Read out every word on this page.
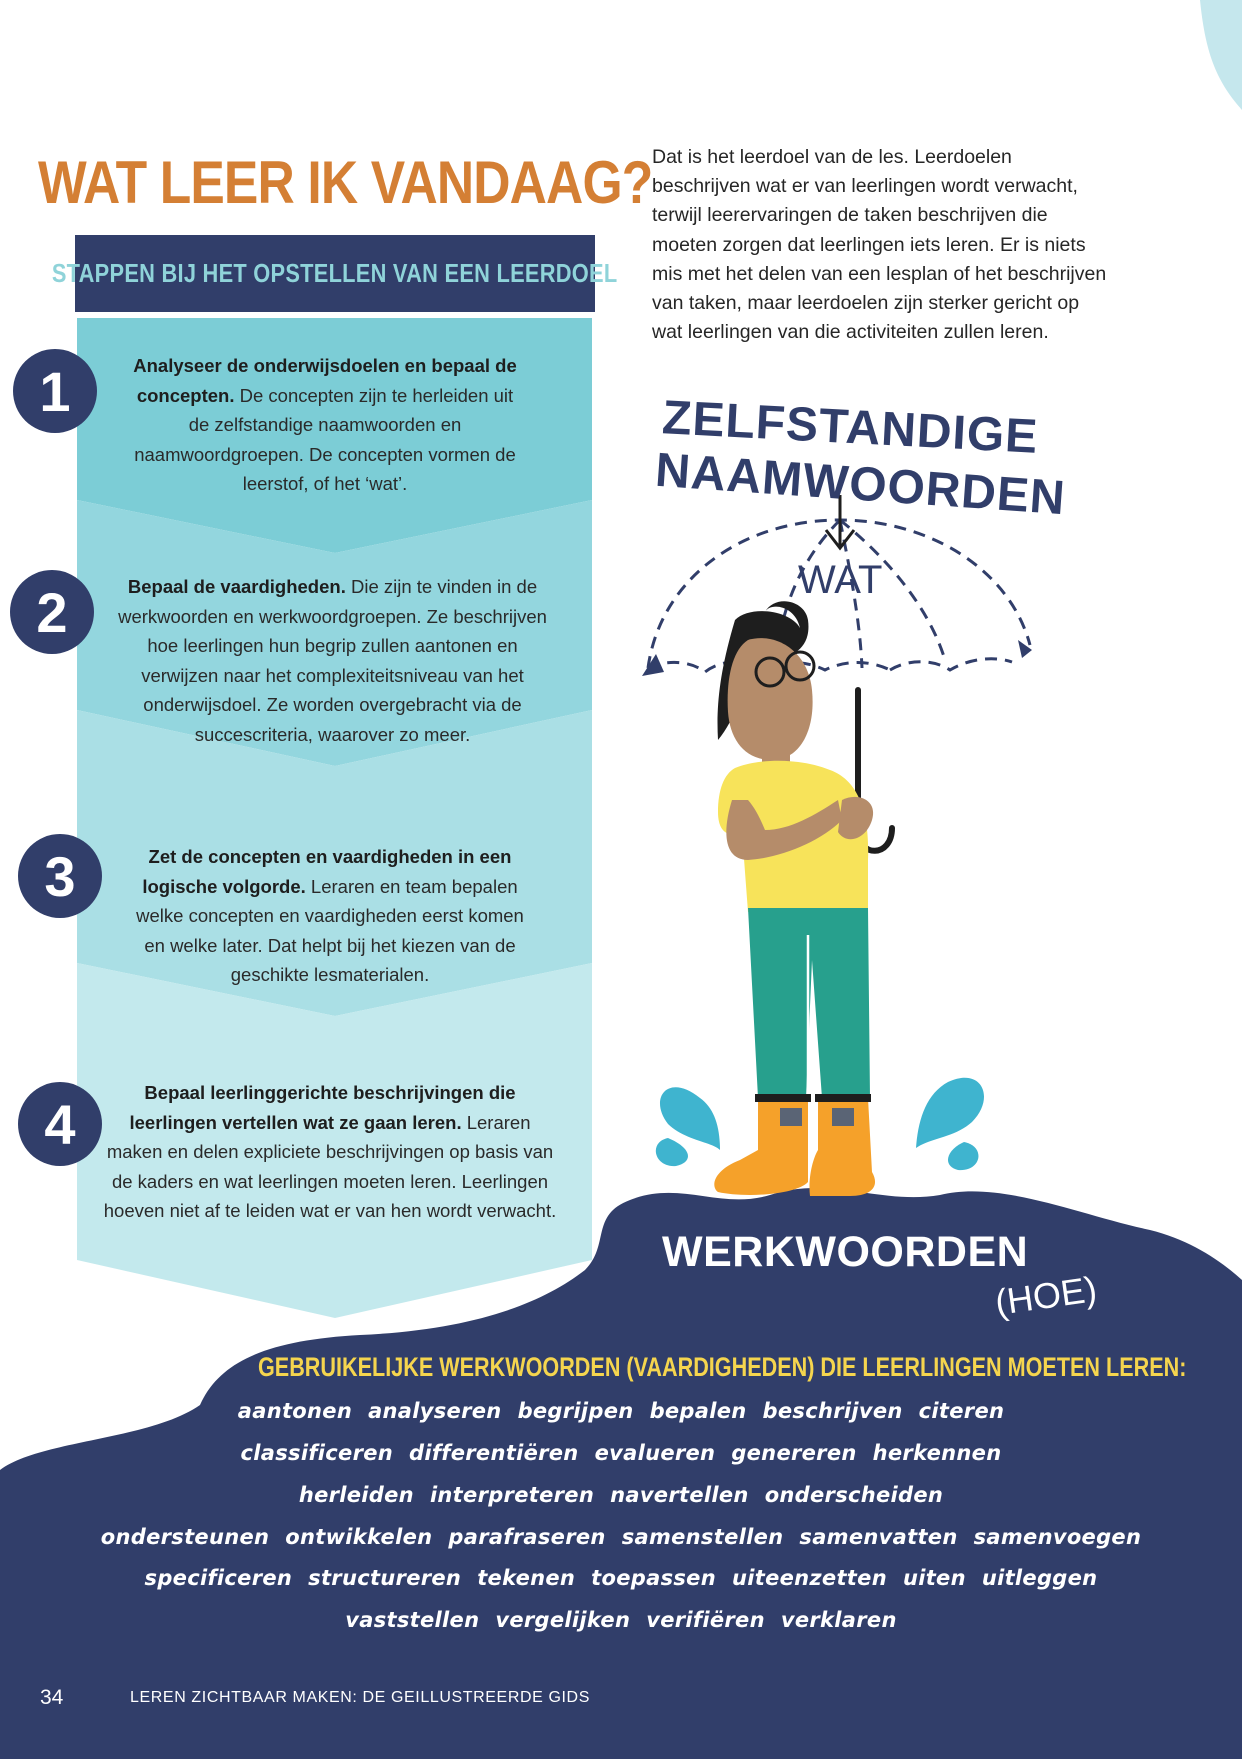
WAT LEER IK VANDAAG?
STAPPEN BIJ HET OPSTELLEN VAN EEN LEERDOEL
1
2
3
4

Analyseer de onderwijsdoelen en bepaal de concepten. De concepten zijn te herleiden uit de zelfstandige naamwoorden en naamwoordgroepen. De concepten vormen de leerstof, of het ‘wat’.

Bepaal de vaardigheden. Die zijn te vinden in de werkwoorden en werkwoordgroepen. Ze beschrijven hoe leerlingen hun begrip zullen aantonen en verwijzen naar het complexiteitsniveau van het onderwijsdoel. Ze worden overgebracht via de succescriteria, waarover zo meer.

Zet de concepten en vaardigheden in een logische volgorde. Leraren en team bepalen welke concepten en vaardigheden eerst komen en welke later. Dat helpt bij het kiezen van de geschikte lesmaterialen.

Bepaal leerlinggerichte beschrijvingen die leerlingen vertellen wat ze gaan leren. Leraren maken en delen expliciete beschrijvingen op basis van de kaders en wat leerlingen moeten leren. Leerlingen hoeven niet af te leiden wat er van hen wordt verwacht.

Dat is het leerdoel van de les. Leerdoelen beschrijven wat er van leerlingen wordt verwacht, terwijl leerervaringen de taken beschrijven die moeten zorgen dat leerlingen iets leren. Er is niets mis met het delen van een lesplan of het beschrijven van taken, maar leerdoelen zijn sterker gericht op wat leerlingen van die activiteiten zullen leren.

ZELFSTANDIGE
NAAMWOORDEN
WAT
WERKWOORDEN
(HOE)
GEBRUIKELIJKE WERKWOORDEN (VAARDIGHEDEN) DIE LEERLINGEN MOETEN LEREN:
aantonen analyseren begrijpen bepalen beschrijven citeren
classificeren differentiëren evalueren genereren herkennen
herleiden interpreteren navertellen onderscheiden
ondersteunen ontwikkelen parafraseren samenstellen samenvatten samenvoegen
specificeren structureren tekenen toepassen uiteenzetten uiten uitleggen
vaststellen vergelijken verifiëren verklaren
34	LEREN ZICHTBAAR MAKEN: DE GEILLUSTREERDE GIDS
